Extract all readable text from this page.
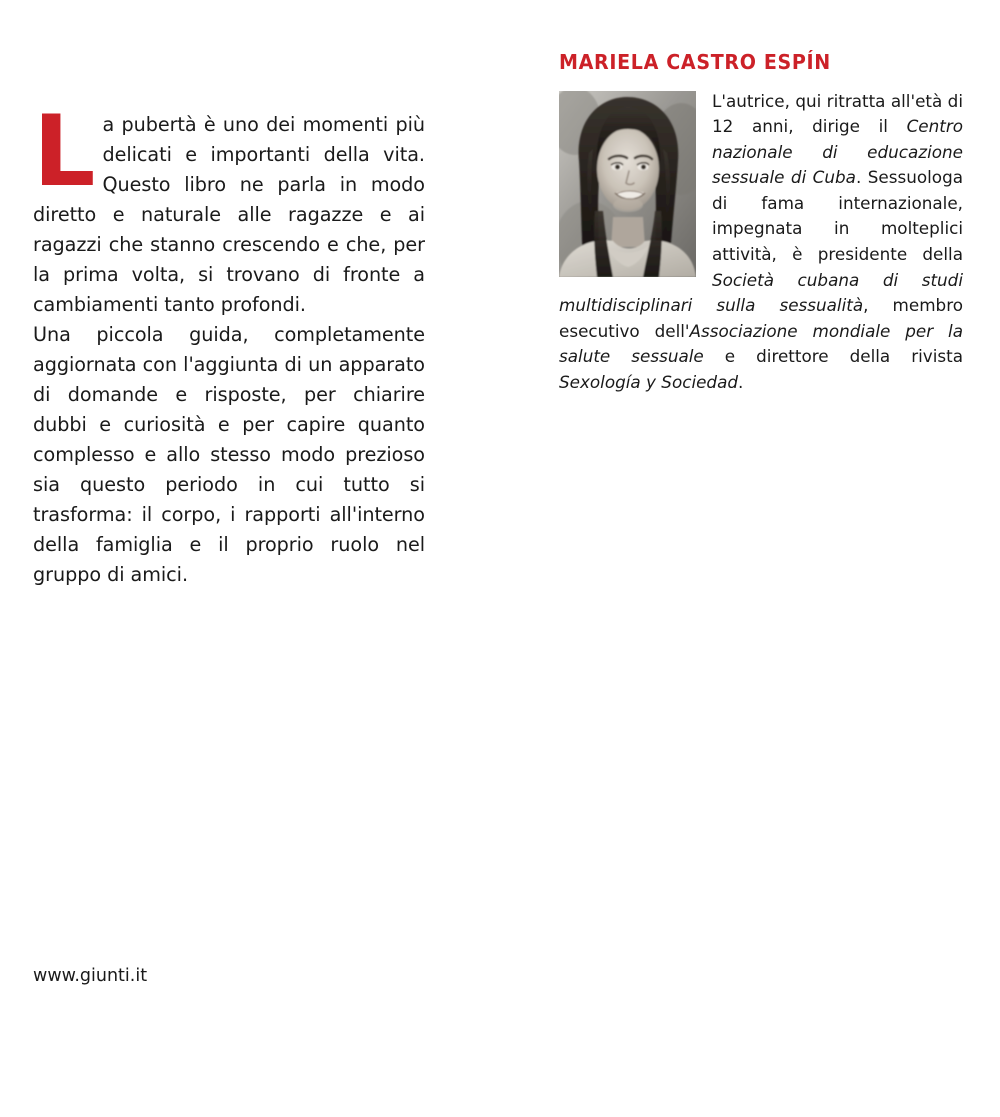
La pubertà è uno dei momenti più delicati e importanti della vita. Questo libro ne parla in modo diretto e naturale alle ragazze e ai ragazzi che stanno crescendo e che, per la prima volta, si trovano di fronte a cambiamenti tanto profondi.

Una piccola guida, completamente aggiornata con l'aggiunta di un apparato di domande e risposte, per chiarire dubbi e curiosità e per capire quanto complesso e allo stesso modo prezioso sia questo periodo in cui tutto si trasforma: il corpo, i rapporti all'interno della famiglia e il proprio ruolo nel gruppo di amici.

MARIELA CASTRO ESPÍN

L'autrice, qui ritratta all'età di 12 anni, dirige il Centro nazionale di educazione sessuale di Cuba. Sessuologa di fama internazionale, impegnata in molteplici attività, è presidente della Società cubana di studi multidisciplinari sulla sessualità, membro esecutivo dell'Associazione mondiale per la salute sessuale e direttore della rivista Sexología y Sociedad.

www.giunti.it
